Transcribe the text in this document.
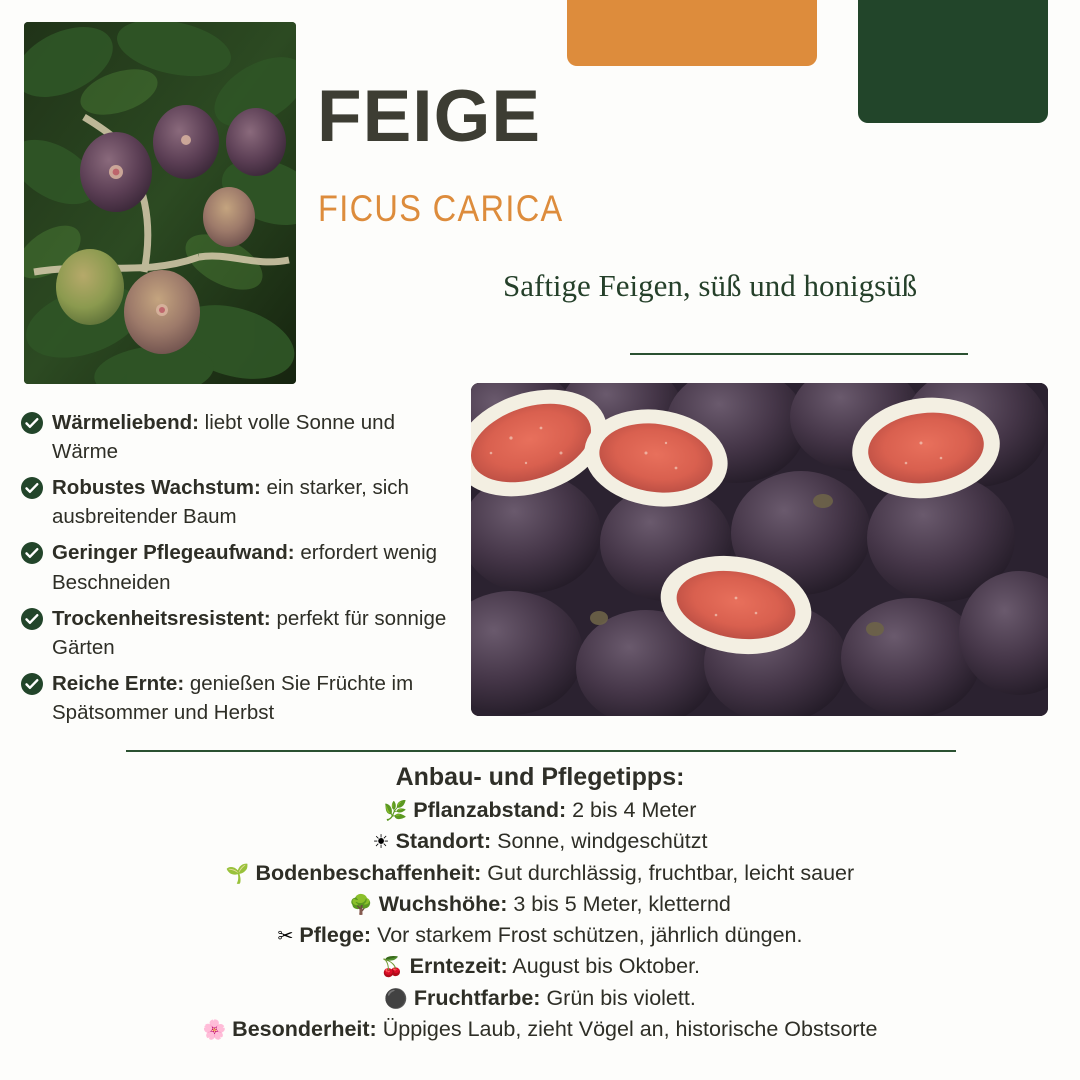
FEIGE
FICUS CARICA
Saftige Feigen, süß und honigsüß
Wärmeliebend: liebt volle Sonne und Wärme
Robustes Wachstum: ein starker, sich ausbreitender Baum
Geringer Pflegeaufwand: erfordert wenig Beschneiden
Trockenheitsresistent: perfekt für sonnige Gärten
Reiche Ernte: genießen Sie Früchte im Spätsommer und Herbst
Anbau- und Pflegetipps:
🌿 Pflanzabstand: 2 bis 4 Meter
☀ Standort: Sonne, windgeschützt
🌱 Bodenbeschaffenheit: Gut durchlässig, fruchtbar, leicht sauer
🌳 Wuchshöhe: 3 bis 5 Meter, kletternd
✂ Pflege: Vor starkem Frost schützen, jährlich düngen.
🍒 Erntezeit: August bis Oktober.
⚫ Fruchtfarbe: Grün bis violett.
🌸 Besonderheit: Üppiges Laub, zieht Vögel an, historische Obstsorte
